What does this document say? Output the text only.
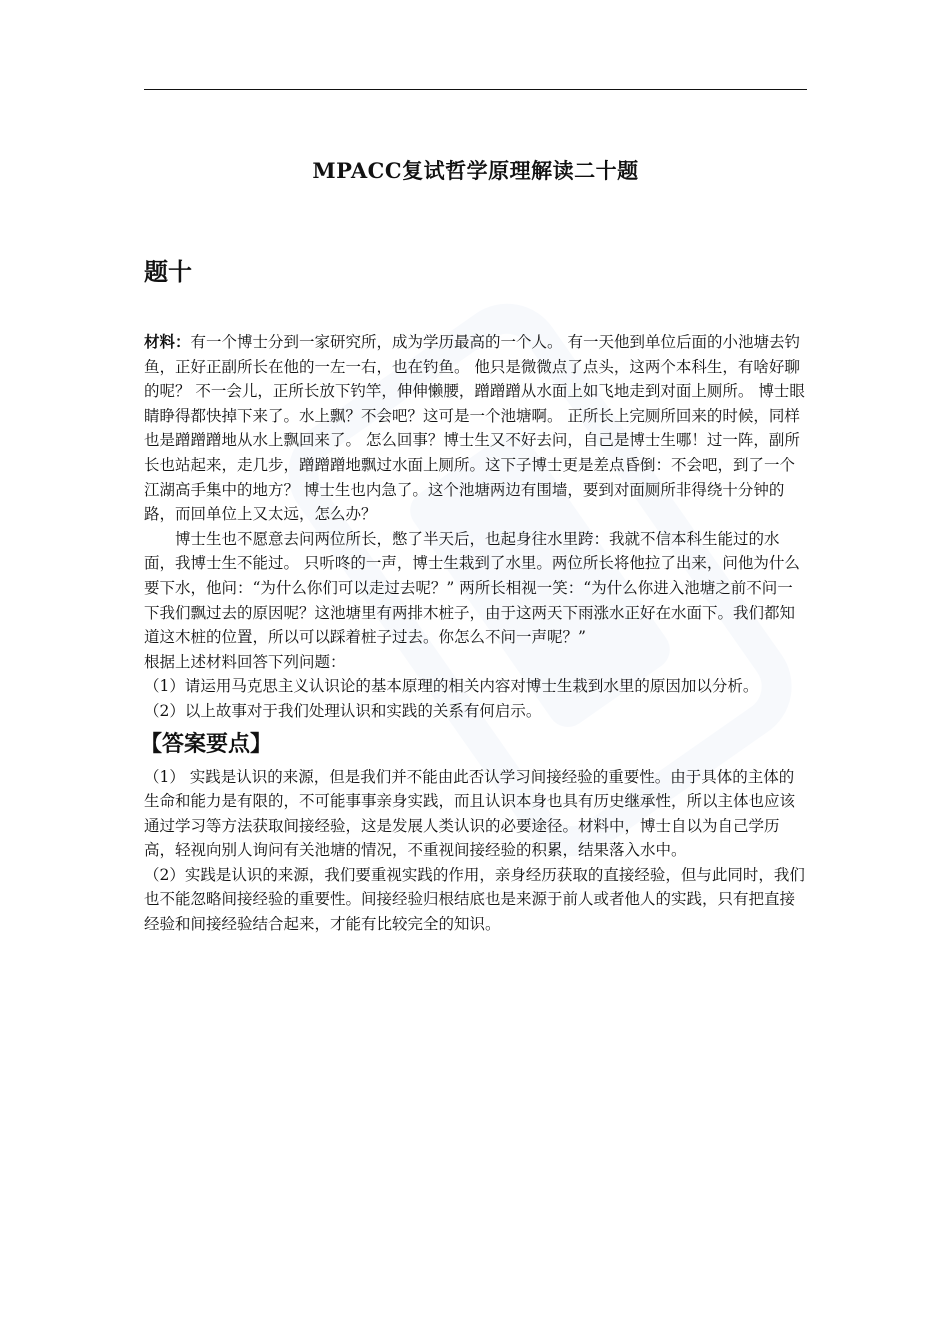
MPACC复试哲学原理解读二十题
题十

材料：有一个博士分到一家研究所，成为学历最高的一个人。 有一天他到单位后面的小池塘去钓鱼，正好正副所长在他的一左一右，也在钓鱼。 他只是微微点了点头，这两个本科生，有啥好聊的呢？ 不一会儿，正所长放下钓竿，伸伸懒腰，蹭蹭蹭从水面上如飞地走到对面上厕所。 博士眼睛睁得都快掉下来了。水上飘？不会吧？这可是一个池塘啊。 正所长上完厕所回来的时候，同样也是蹭蹭蹭地从水上飘回来了。 怎么回事？博士生又不好去问，自己是博士生哪！过一阵，副所长也站起来，走几步，蹭蹭蹭地飘过水面上厕所。这下子博士更是差点昏倒：不会吧，到了一个江湖高手集中的地方？ 博士生也内急了。这个池塘两边有围墙，要到对面厕所非得绕十分钟的路，而回单位上又太远，怎么办？

博士生也不愿意去问两位所长，憋了半天后，也起身往水里跨：我就不信本科生能过的水面，我博士生不能过。 只听咚的一声，博士生栽到了水里。两位所长将他拉了出来，问他为什么要下水，他问：“为什么你们可以走过去呢？” 两所长相视一笑：“为什么你进入池塘之前不问一下我们飘过去的原因呢？这池塘里有两排木桩子，由于这两天下雨涨水正好在水面下。我们都知道这木桩的位置，所以可以踩着桩子过去。你怎么不问一声呢？”

根据上述材料回答下列问题：

（1）请运用马克思主义认识论的基本原理的相关内容对博士生栽到水里的原因加以分析。

（2）以上故事对于我们处理认识和实践的关系有何启示。

【答案要点】

（1） 实践是认识的来源，但是我们并不能由此否认学习间接经验的重要性。由于具体的主体的生命和能力是有限的，不可能事事亲身实践，而且认识本身也具有历史继承性，所以主体也应该通过学习等方法获取间接经验，这是发展人类认识的必要途径。材料中，博士自以为自己学历高，轻视向别人询问有关池塘的情况，不重视间接经验的积累，结果落入水中。

（2）实践是认识的来源，我们要重视实践的作用，亲身经历获取的直接经验，但与此同时，我们也不能忽略间接经验的重要性。间接经验归根结底也是来源于前人或者他人的实践，只有把直接经验和间接经验结合起来，才能有比较完全的知识。
